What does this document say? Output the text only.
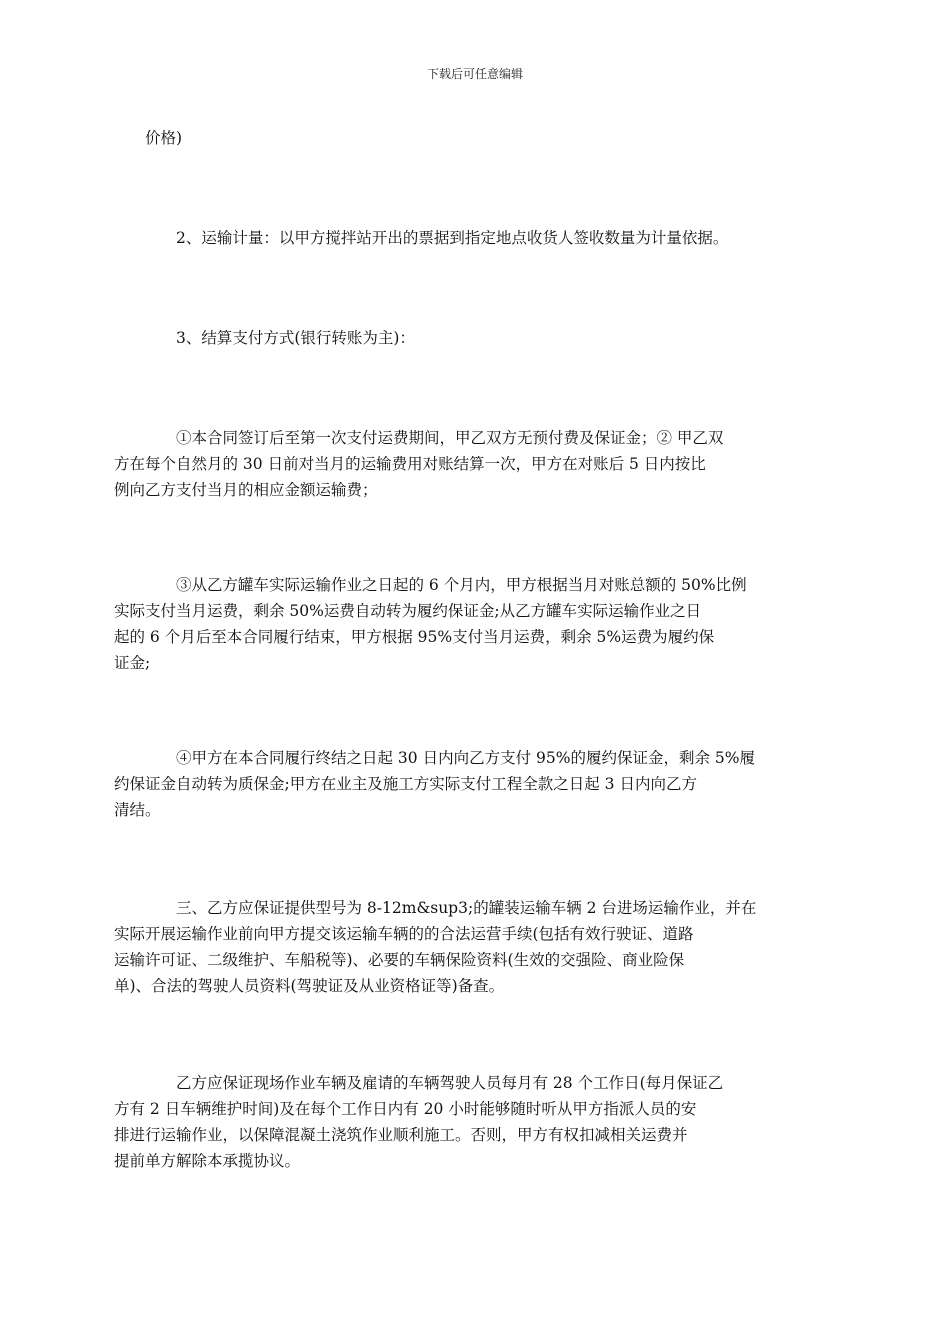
下载后可任意编辑
价格)
2、运输计量：以甲方搅拌站开出的票据到指定地点收货人签收数量为计量依据。
3、结算支付方式(银行转账为主)：
①本合同签订后至第一次支付运费期间，甲乙双方无预付费及保证金；② 甲乙双
方在每个自然月的 30 日前对当月的运输费用对账结算一次，甲方在对账后 5 日内按比
例向乙方支付当月的相应金额运输费；
③从乙方罐车实际运输作业之日起的 6 个月内，甲方根据当月对账总额的 50%比例
实际支付当月运费，剩余 50%运费自动转为履约保证金;从乙方罐车实际运输作业之日
起的 6 个月后至本合同履行结束，甲方根据 95%支付当月运费，剩余 5%运费为履约保
证金;
④甲方在本合同履行终结之日起 30 日内向乙方支付 95%的履约保证金，剩余 5%履
约保证金自动转为质保金;甲方在业主及施工方实际支付工程全款之日起 3 日内向乙方
清结。
三、乙方应保证提供型号为 8-12m&sup3;的罐装运输车辆 2 台进场运输作业，并在
实际开展运输作业前向甲方提交该运输车辆的的合法运营手续(包括有效行驶证、道路
运输许可证、二级维护、车船税等)、必要的车辆保险资料(生效的交强险、商业险保
单)、合法的驾驶人员资料(驾驶证及从业资格证等)备查。
乙方应保证现场作业车辆及雇请的车辆驾驶人员每月有 28 个工作日(每月保证乙
方有 2 日车辆维护时间)及在每个工作日内有 20 小时能够随时听从甲方指派人员的安
排进行运输作业，以保障混凝土浇筑作业顺利施工。否则，甲方有权扣减相关运费并
提前单方解除本承揽协议。
